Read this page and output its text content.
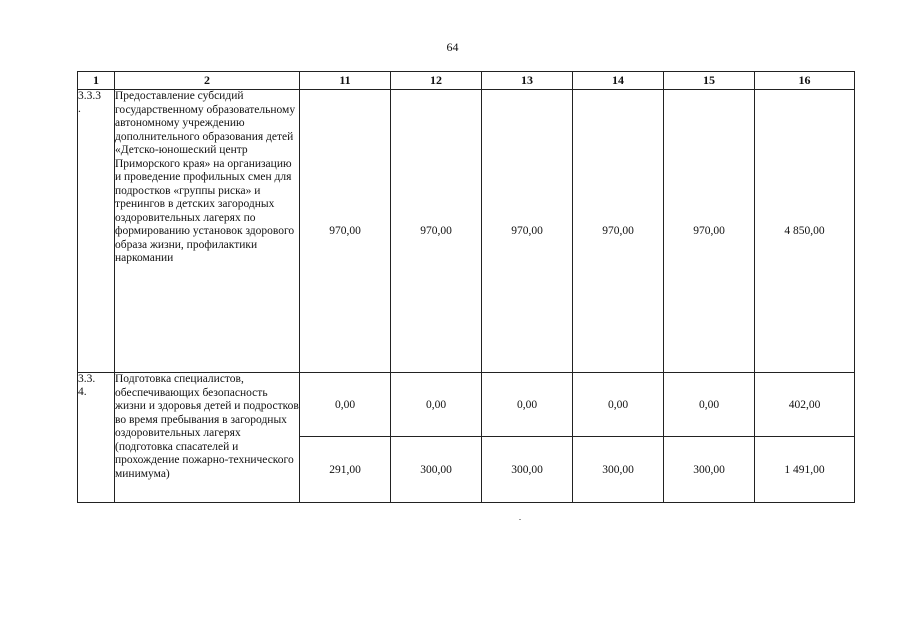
64
1	2	11	12	13	14	15	16
3.3.3
.	Предоставление субсидий государственному образовательному автономному учреждению дополнительного образования детей «Детско-юношеский центр Приморского края» на организацию и проведение профильных смен для подростков «группы риска» и тренингов в детских загородных оздоровительных лагерях по формированию установок здорового образа жизни, профилактики наркомании	970,00	970,00	970,00	970,00	970,00	4 850,00
3.3.
4.	Подготовка специалистов, обеспечивающих безопасность жизни и здоровья детей и подростков во время пребывания в загородных оздоровительных лагерях (подготовка спасателей и прохождение пожарно-технического минимума)	0,00	0,00	0,00	0,00	0,00	402,00
		291,00	300,00	300,00	300,00	300,00	1 491,00
